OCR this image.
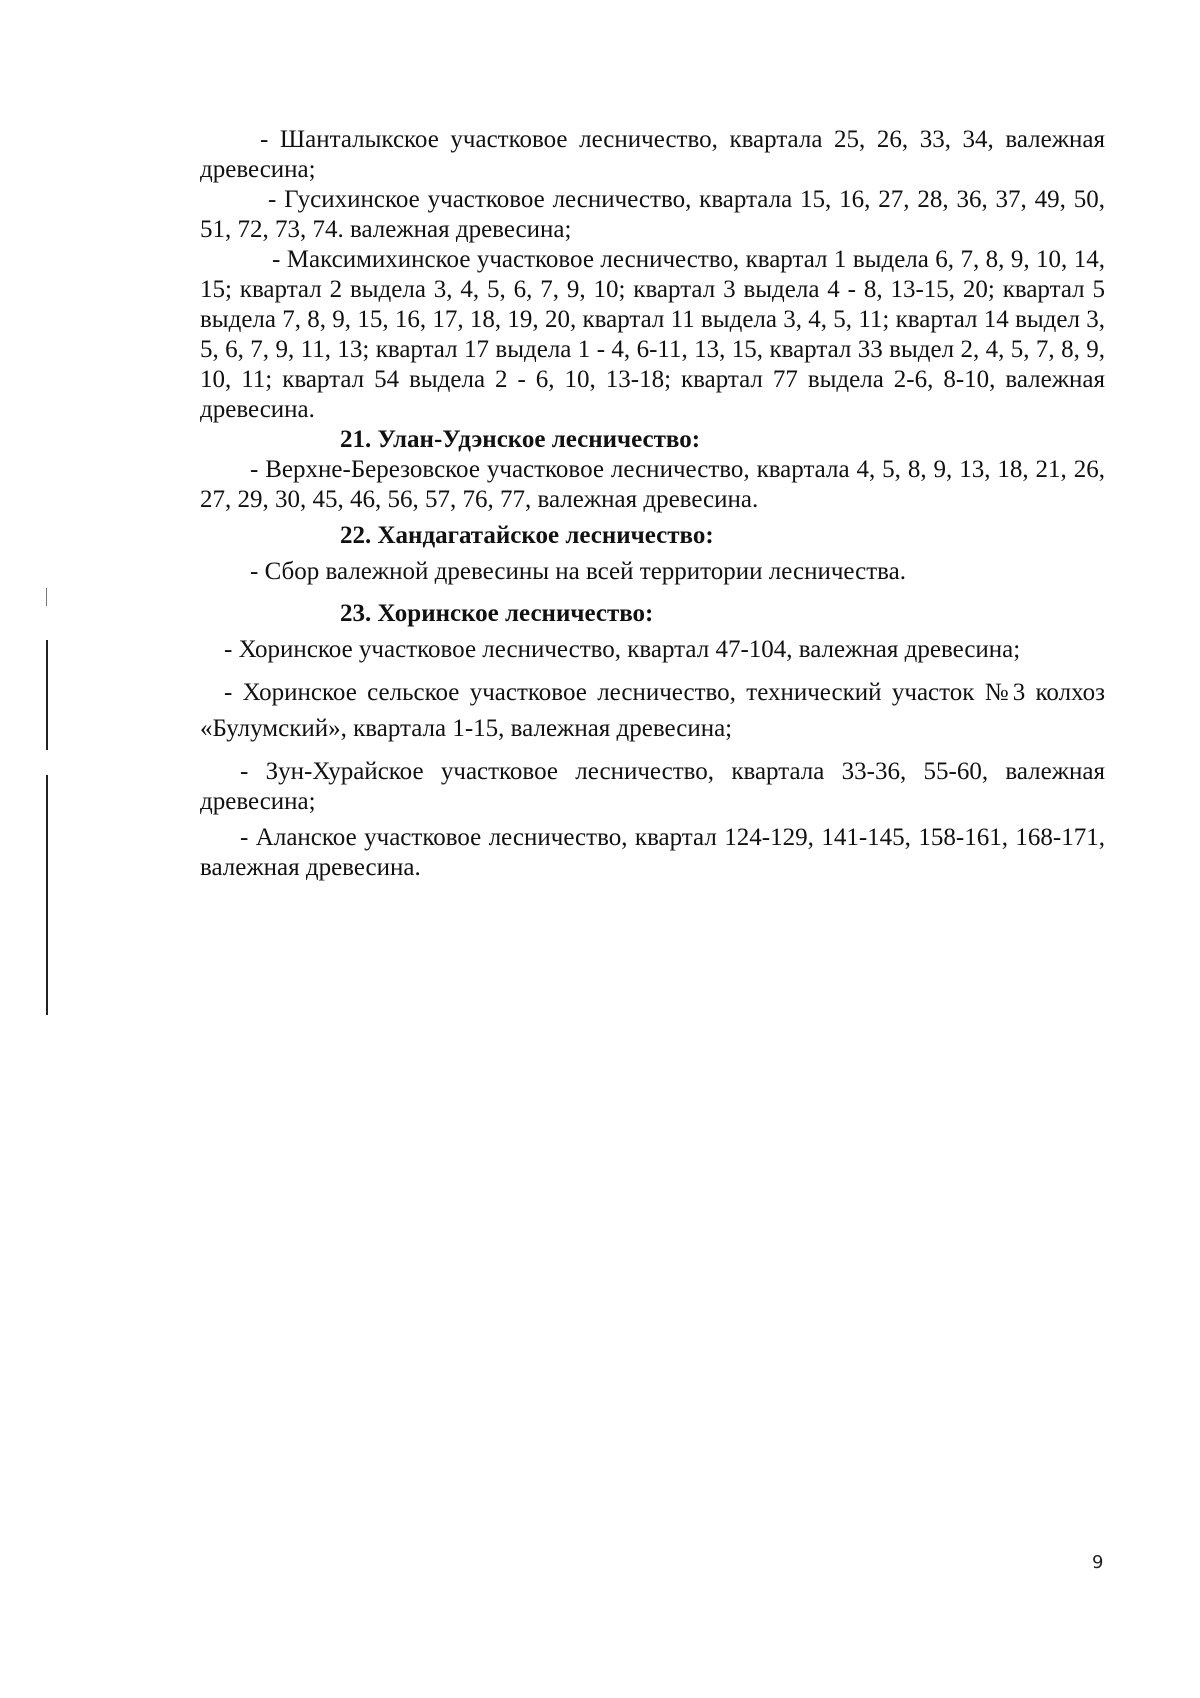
- Шанталыкское участковое лесничество, квартала 25, 26, 33, 34, валежная древесина;

- Гусихинское участковое лесничество, квартала 15, 16, 27, 28, 36, 37, 49, 50, 51, 72, 73, 74. валежная древесина;

- Максимихинское участковое лесничество, квартал 1 выдела 6, 7, 8, 9, 10, 14, 15; квартал 2 выдела 3, 4, 5, 6, 7, 9, 10; квартал 3 выдела 4 - 8, 13-15, 20; квартал 5 выдела 7, 8, 9, 15, 16, 17, 18, 19, 20, квартал 11 выдела 3, 4, 5, 11; квартал 14 выдел 3, 5, 6, 7, 9, 11, 13; квартал 17 выдела 1 - 4, 6-11, 13, 15, квартал 33 выдел 2, 4, 5, 7, 8, 9, 10, 11; квартал 54 выдела 2 - 6, 10, 13-18; квартал 77 выдела 2-6, 8-10, валежная древесина.

21. Улан-Удэнское лесничество:

- Верхне-Березовское участковое лесничество, квартала 4, 5, 8, 9, 13, 18, 21, 26, 27, 29, 30, 45, 46, 56, 57, 76, 77, валежная древесина.

22. Хандагатайское лесничество:

- Сбор валежной древесины на всей территории лесничества.

23. Хоринское лесничество:

- Хоринское участковое лесничество, квартал 47-104, валежная древесина;

- Хоринское сельское участковое лесничество, технический участок №3 колхоз «Булумский», квартала 1-15, валежная древесина;

- Зун-Хурайское участковое лесничество, квартала 33-36, 55-60, валежная древесина;

- Аланское участковое лесничество, квартал 124-129, 141-145, 158-161, 168-171, валежная древесина.

9
